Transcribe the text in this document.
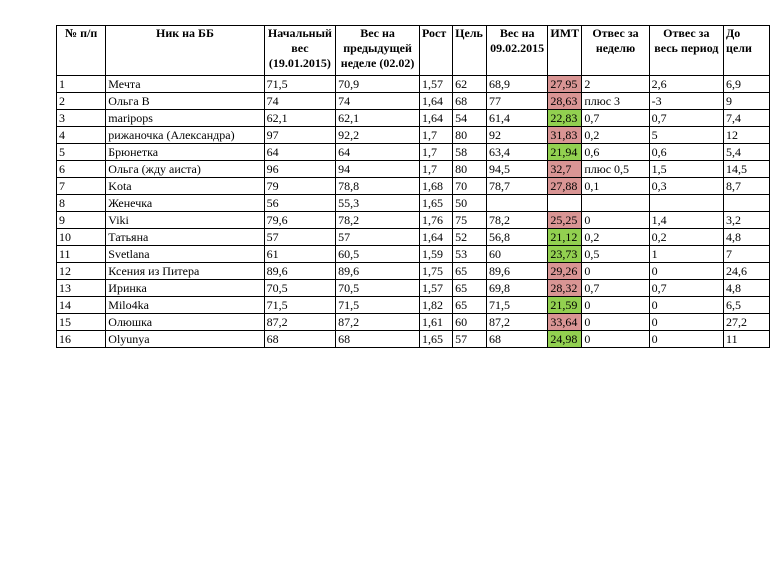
№ п/п	Ник на ББ	Начальный вес (19.01.2015)	Вес на предыдущей неделе (02.02)	Рост	Цель	Вес на 09.02.2015	ИМТ	Отвес за неделю	Отвес за весь период	До цели
1	Мечта	71,5	70,9	1,57	62	68,9	27,95	2	2,6	6,9
2	Ольга В	74	74	1,64	68	77	28,63	плюс 3	-3	9
3	maripops	62,1	62,1	1,64	54	61,4	22,83	0,7	0,7	7,4
4	рижаночка (Александра)	97	92,2	1,7	80	92	31,83	0,2	5	12
5	Брюнетка	64	64	1,7	58	63,4	21,94	0,6	0,6	5,4
6	Ольга (жду аиста)	96	94	1,7	80	94,5	32,7	плюс 0,5	1,5	14,5
7	Kota	79	78,8	1,68	70	78,7	27,88	0,1	0,3	8,7
8	Женечка	56	55,3	1,65	50					
9	Viki	79,6	78,2	1,76	75	78,2	25,25	0	1,4	3,2
10	Татьяна	57	57	1,64	52	56,8	21,12	0,2	0,2	4,8
11	Svetlana	61	60,5	1,59	53	60	23,73	0,5	1	7
12	Ксения из Питера	89,6	89,6	1,75	65	89,6	29,26	0	0	24,6
13	Иринка	70,5	70,5	1,57	65	69,8	28,32	0,7	0,7	4,8
14	Milo4ka	71,5	71,5	1,82	65	71,5	21,59	0	0	6,5
15	Олюшка	87,2	87,2	1,61	60	87,2	33,64	0	0	27,2
16	Olyunya	68	68	1,65	57	68	24,98	0	0	11
